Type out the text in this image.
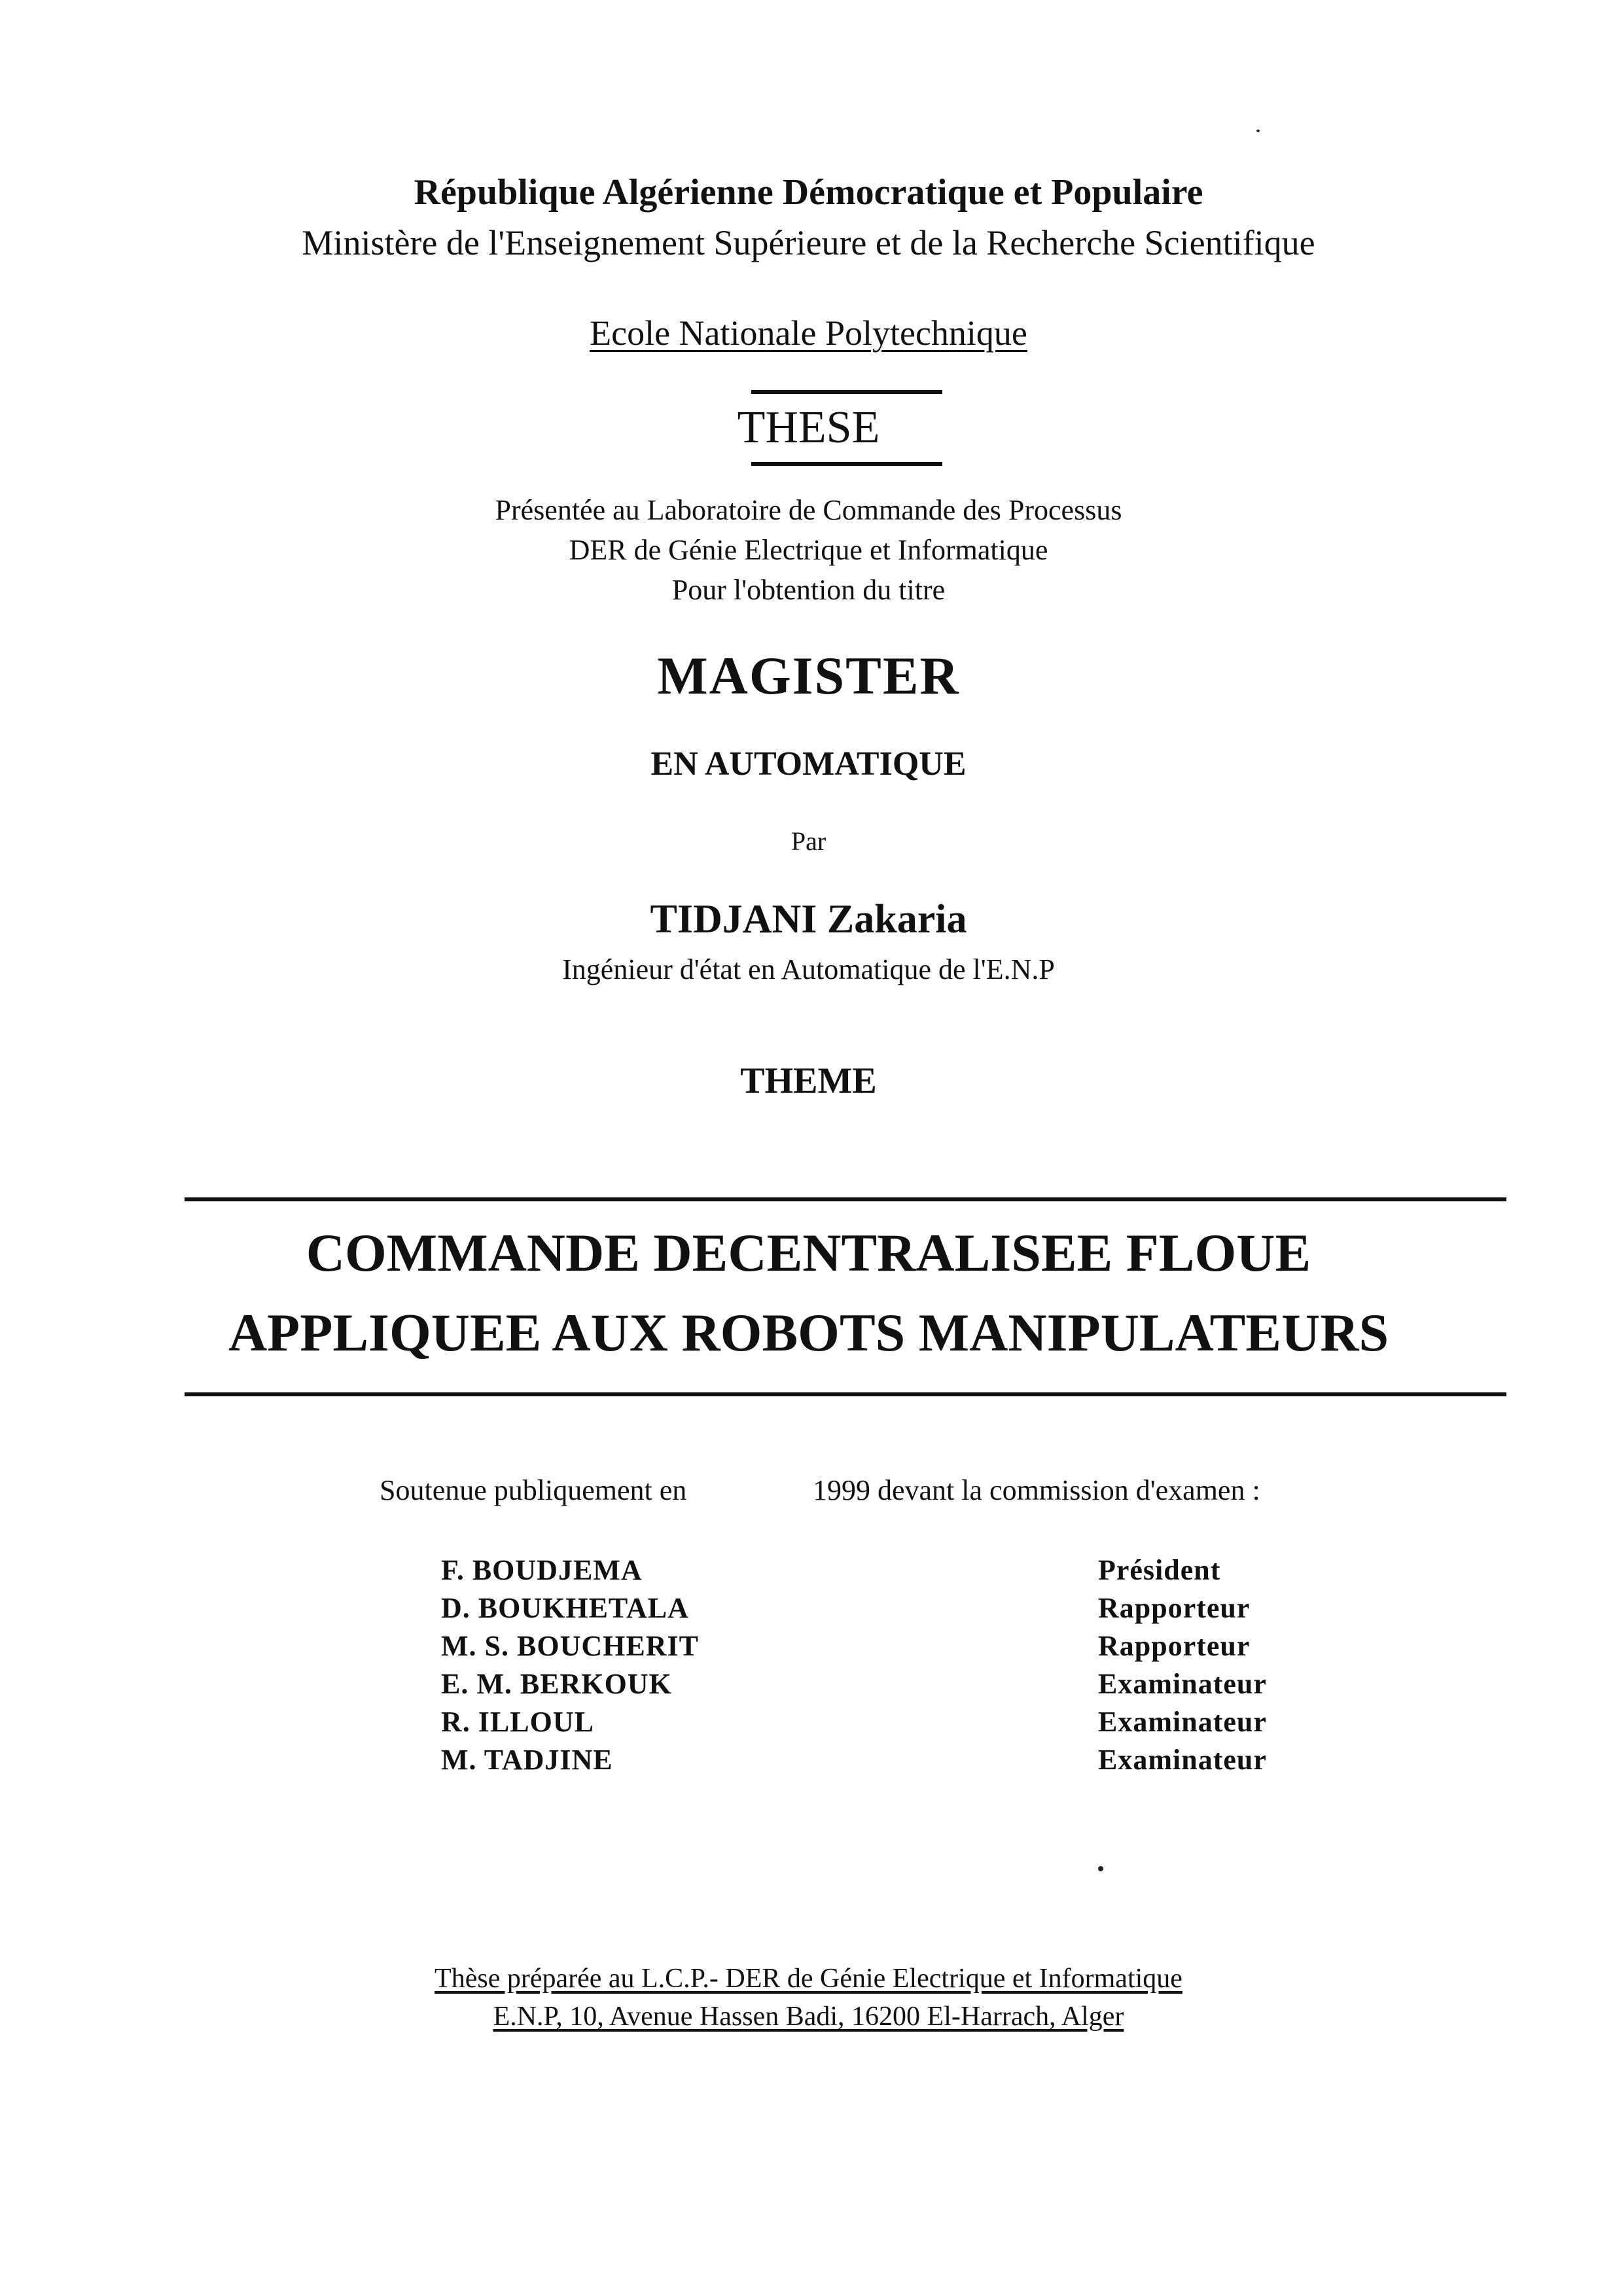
République Algérienne Démocratique et Populaire
Ministère de l'Enseignement Supérieure et de la Recherche Scientifique
Ecole Nationale Polytechnique
THESE
Présentée au Laboratoire de Commande des Processus
DER de Génie Electrique et Informatique
Pour l'obtention du titre
MAGISTER
EN AUTOMATIQUE
Par
TIDJANI Zakaria
Ingénieur d'état en Automatique de l'E.N.P
THEME
COMMANDE DECENTRALISEE FLOUE
APPLIQUEE AUX ROBOTS MANIPULATEURS
Soutenue publiquement en	1999 devant la commission d'examen :
F. BOUDJEMA	Président
D. BOUKHETALA	Rapporteur
M. S. BOUCHERIT	Rapporteur
E. M. BERKOUK	Examinateur
R. ILLOUL	Examinateur
M. TADJINE	Examinateur
Thèse préparée au L.C.P.- DER de Génie Electrique et Informatique
E.N.P, 10, Avenue Hassen Badi, 16200 El-Harrach, Alger
